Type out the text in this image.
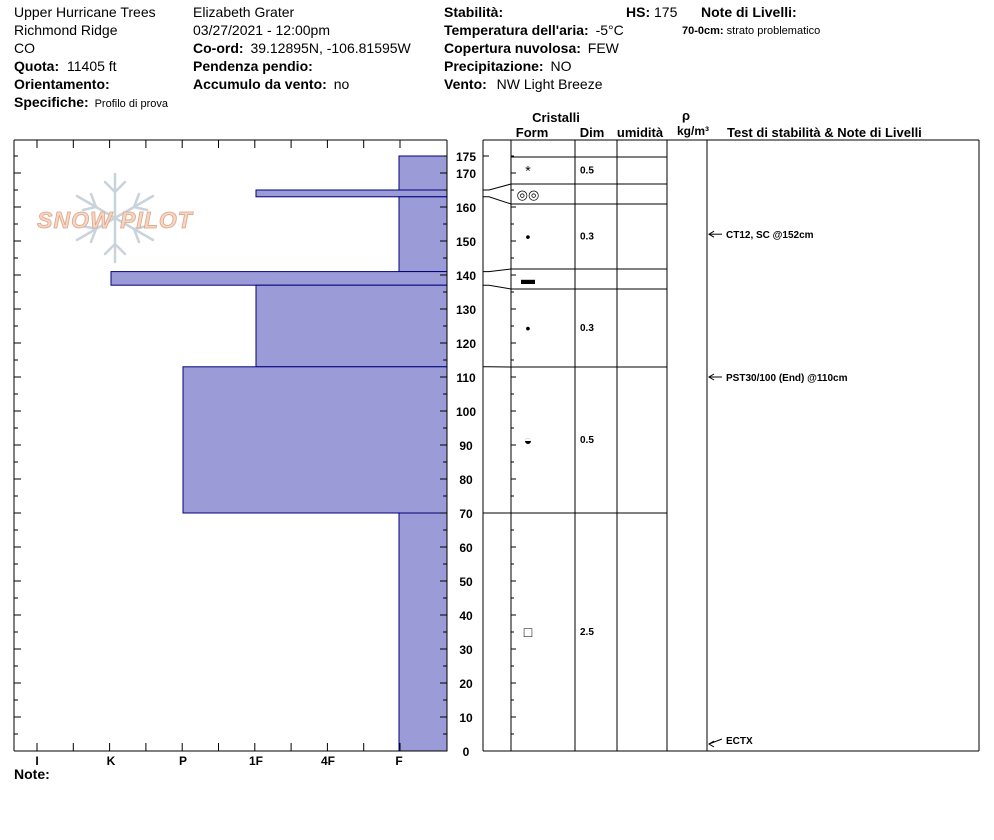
Upper Hurricane Trees
Richmond Ridge
CO
Quota: 11405 ft
Orientamento:
Specifiche: Profilo di prova
Elizabeth Grater
03/27/2021 - 12:00pm
Co-ord: 39.12895N, -106.81595W
Pendenza pendio:
Accumulo da vento: no
Stabilità:
Temperatura dell'aria: -5°C
Copertura nuvolosa: FEW
Precipitazione: NO
Vento: NW Light Breeze
HS: 175 Note di Livelli:
70-0cm: strato problematico
SNOW PILOT
I	K	P	1F	4F	F
0
10
20
30
40
50
60
70
80
90
100
110
120
130
140
150
160
170
175
*	0.5
◎◎
•	0.3
▬
•	0.3
◒	0.5
□	2.5
CT12, SC @152cm
PST30/100 (End) @110cm
ECTX
Cristalli
Form Dim umidità
ρ
kg/m³ Test di stabilità & Note di Livelli
Note:
